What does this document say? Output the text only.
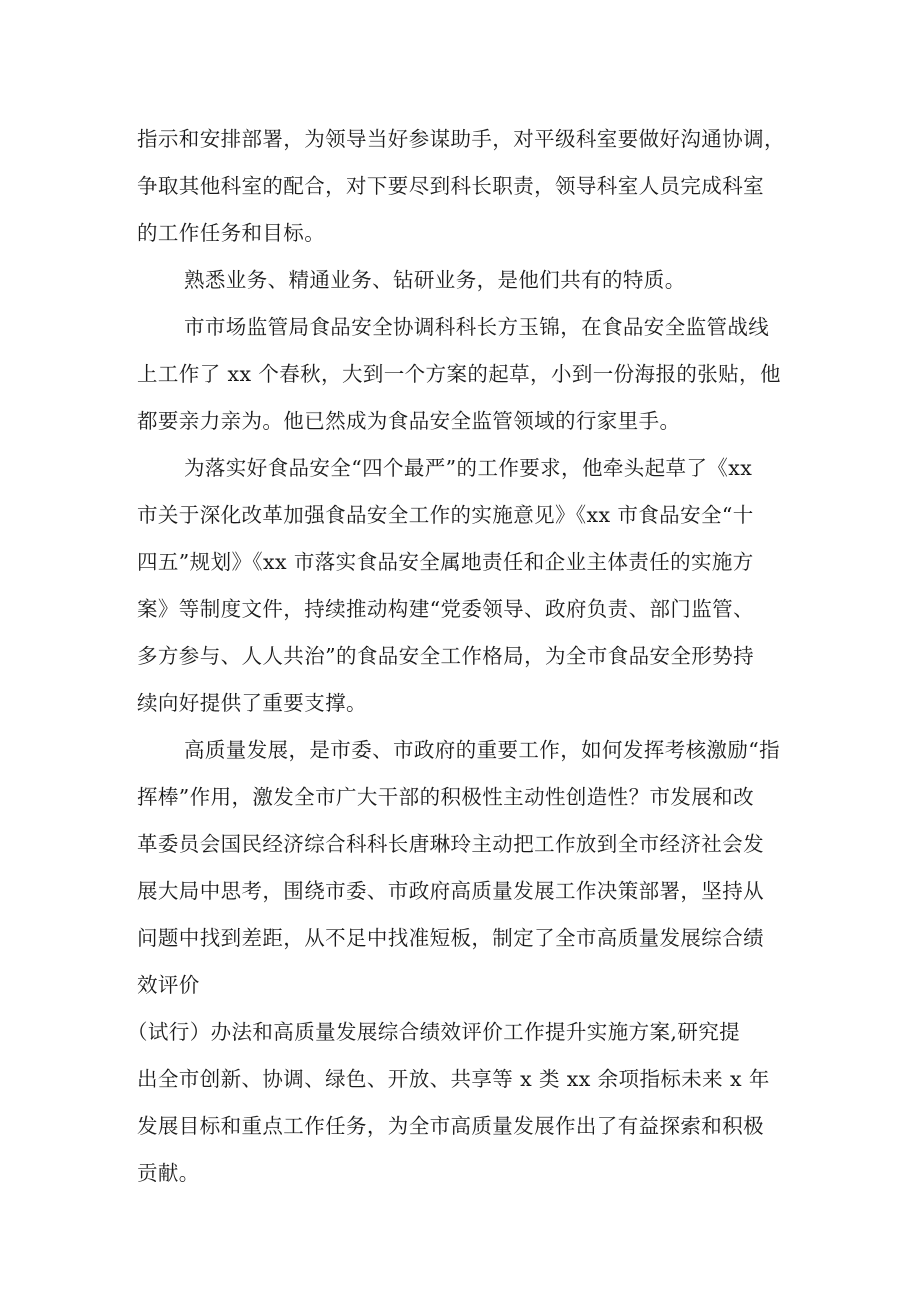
指示和安排部署，为领导当好参谋助手，对平级科室要做好沟通协调，
争取其他科室的配合，对下要尽到科长职责，领导科室人员完成科室
的工作任务和目标。
熟悉业务、精通业务、钻研业务，是他们共有的特质。
市市场监管局食品安全协调科科长方玉锦，在食品安全监管战线
上工作了 xx 个春秋，大到一个方案的起草，小到一份海报的张贴，他
都要亲力亲为。他已然成为食品安全监管领域的行家里手。
为落实好食品安全“四个最严”的工作要求，他牵头起草了《xx
市关于深化改革加强食品安全工作的实施意见》《xx 市食品安全“十
四五”规划》《xx 市落实食品安全属地责任和企业主体责任的实施方
案》等制度文件，持续推动构建“党委领导、政府负责、部门监管、
多方参与、人人共治”的食品安全工作格局，为全市食品安全形势持
续向好提供了重要支撑。
高质量发展，是市委、市政府的重要工作，如何发挥考核激励“指
挥棒”作用，激发全市广大干部的积极性主动性创造性？市发展和改
革委员会国民经济综合科科长唐琳玲主动把工作放到全市经济社会发
展大局中思考，围绕市委、市政府高质量发展工作决策部署，坚持从
问题中找到差距，从不足中找准短板，制定了全市高质量发展综合绩
效评价
（试行）办法和高质量发展综合绩效评价工作提升实施方案,研究提
出全市创新、协调、绿色、开放、共享等 x 类 xx 余项指标未来 x 年
发展目标和重点工作任务，为全市高质量发展作出了有益探索和积极
贡献。
